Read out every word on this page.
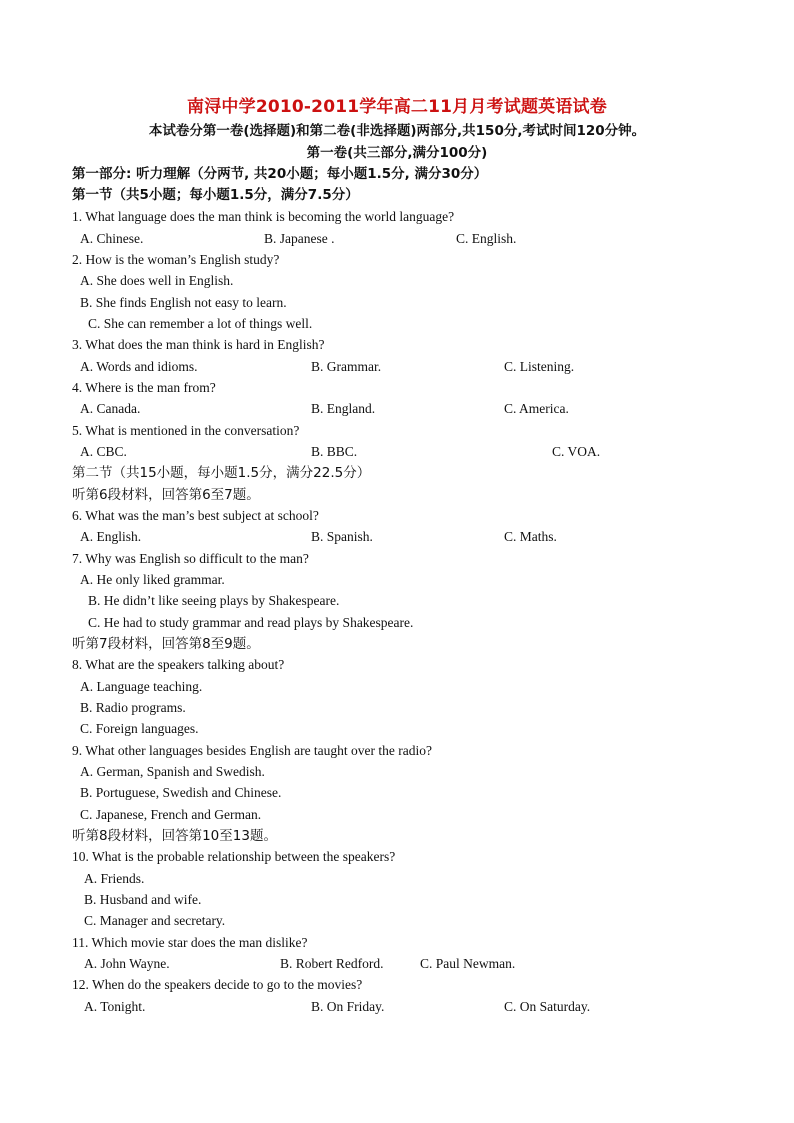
南浔中学2010-2011学年高二11月月考试题英语试卷
本试卷分第一卷(选择题)和第二卷(非选择题)两部分,共150分,考试时间120分钟。
第一卷(共三部分,满分100分)
第一部分: 听力理解（分两节, 共20小题；每小题1.5分, 满分30分）
第一节（共5小题；每小题1.5分，满分7.5分）
1. What language does the man think is becoming the world language?
A. Chinese.	B. Japanese .	C. English.
2. How is the woman’s English study?
A. She does well in English.
B. She finds English not easy to learn.
C. She can remember a lot of things well.
3. What does the man think is hard in English?
A. Words and idioms.	B. Grammar.	C. Listening.
4. Where is the man from?
A. Canada.	B. England.	C. America.
5. What is mentioned in the conversation?
A. CBC.	B. BBC.	C. VOA.
第二节（共15小题，每小题1.5分，满分22.5分）
听第6段材料，回答第6至7题。
6. What was the man’s best subject at school?
A. English.	B. Spanish.	C. Maths.
7. Why was English so difficult to the man?
A. He only liked grammar.
B. He didn’t like seeing plays by Shakespeare.
C. He had to study grammar and read plays by Shakespeare.
听第7段材料，回答第8至9题。
8. What are the speakers talking about?
A. Language teaching.
B. Radio programs.
C. Foreign languages.
9. What other languages besides English are taught over the radio?
A. German, Spanish and Swedish.
B. Portuguese, Swedish and Chinese.
C. Japanese, French and German.
听第8段材料，回答第10至13题。
10. What is the probable relationship between the speakers?
A. Friends.
B. Husband and wife.
C. Manager and secretary.
11. Which movie star does the man dislike?
A. John Wayne.	B. Robert Redford.	C. Paul Newman.
12. When do the speakers decide to go to the movies?
A. Tonight.	B. On Friday.	C. On Saturday.
